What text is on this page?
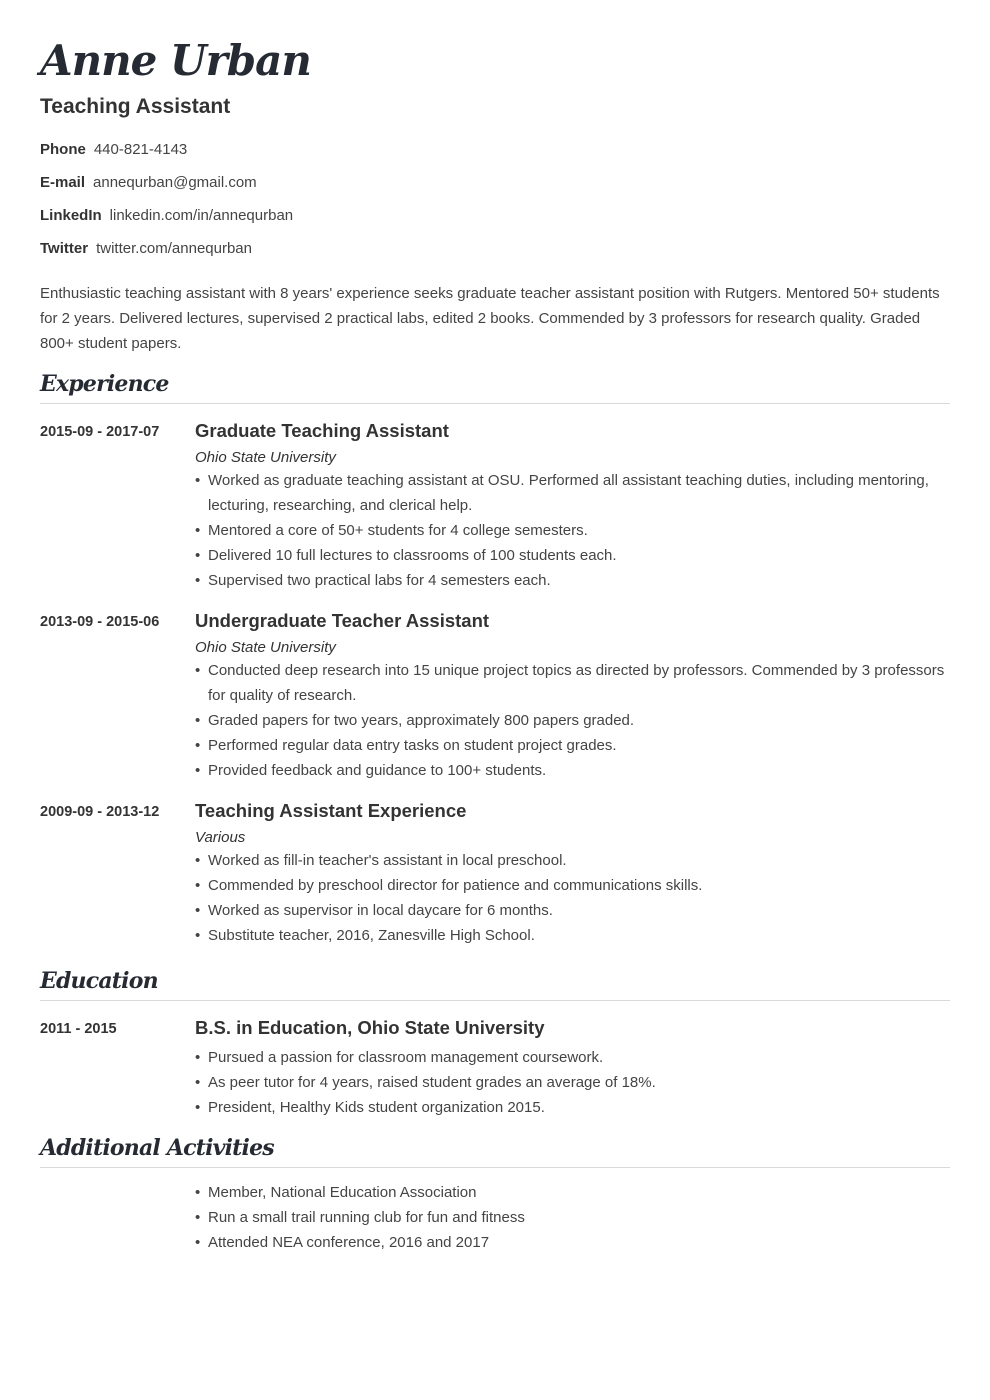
Anne Urban
Teaching Assistant
Phone 440-821-4143
E-mail annequrban@gmail.com
LinkedIn linkedin.com/in/annequrban
Twitter twitter.com/annequrban
Enthusiastic teaching assistant with 8 years' experience seeks graduate teacher assistant position with Rutgers. Mentored 50+ students for 2 years. Delivered lectures, supervised 2 practical labs, edited 2 books. Commended by 3 professors for research quality. Graded 800+ student papers.
Experience
2015-09 - 2017-07	Graduate Teaching Assistant
Ohio State University
• Worked as graduate teaching assistant at OSU. Performed all assistant teaching duties, including mentoring, lecturing, researching, and clerical help.
• Mentored a core of 50+ students for 4 college semesters.
• Delivered 10 full lectures to classrooms of 100 students each.
• Supervised two practical labs for 4 semesters each.
2013-09 - 2015-06	Undergraduate Teacher Assistant
Ohio State University
• Conducted deep research into 15 unique project topics as directed by professors. Commended by 3 professors for quality of research.
• Graded papers for two years, approximately 800 papers graded.
• Performed regular data entry tasks on student project grades.
• Provided feedback and guidance to 100+ students.
2009-09 - 2013-12	Teaching Assistant Experience
Various
• Worked as fill-in teacher's assistant in local preschool.
• Commended by preschool director for patience and communications skills.
• Worked as supervisor in local daycare for 6 months.
• Substitute teacher, 2016, Zanesville High School.
Education
2011 - 2015	B.S. in Education, Ohio State University
• Pursued a passion for classroom management coursework.
• As peer tutor for 4 years, raised student grades an average of 18%.
• President, Healthy Kids student organization 2015.
Additional Activities
• Member, National Education Association
• Run a small trail running club for fun and fitness
• Attended NEA conference, 2016 and 2017
